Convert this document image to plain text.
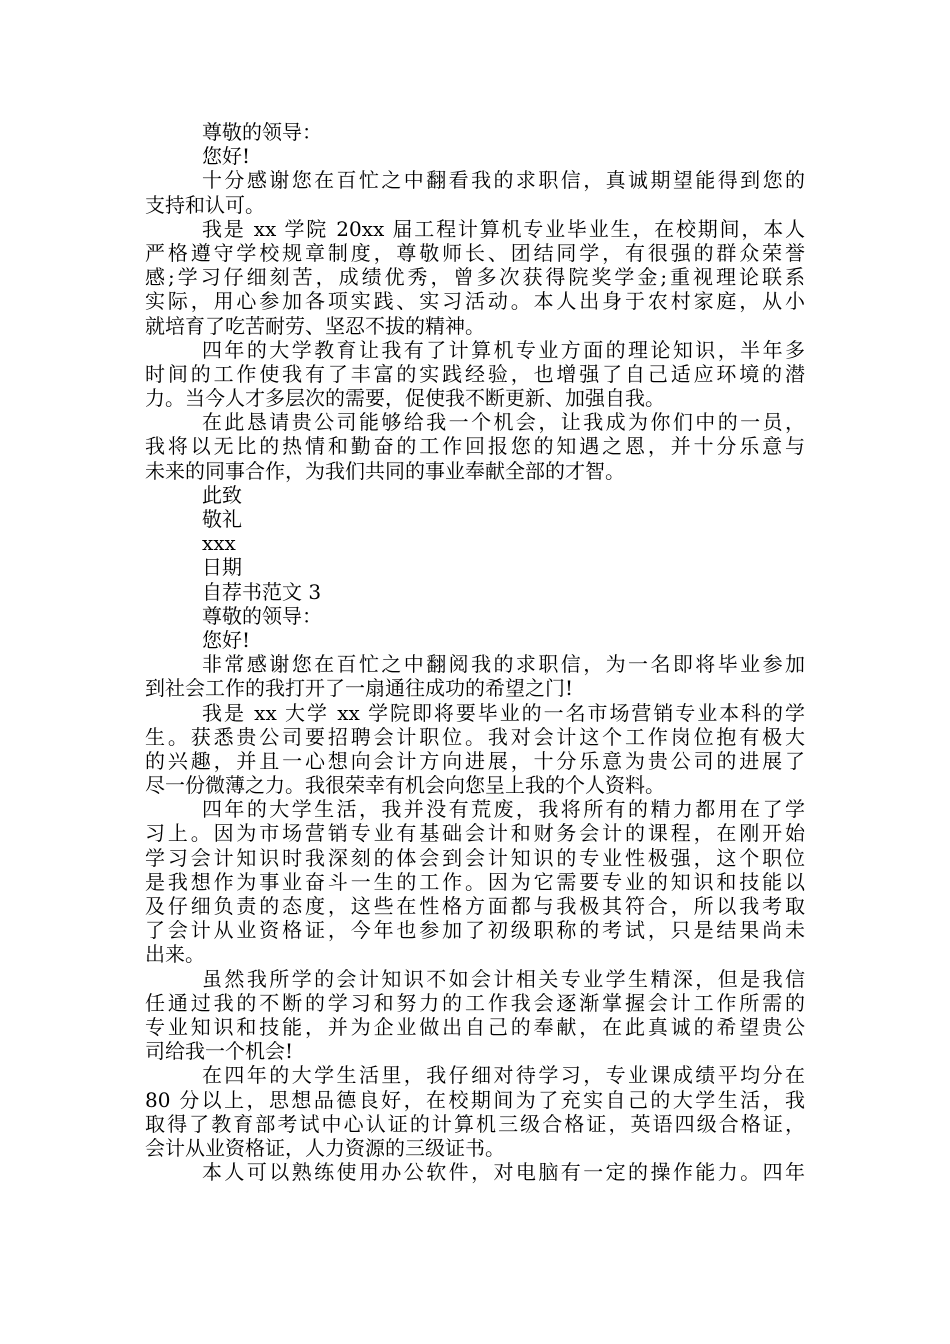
尊敬的领导：
您好!
十分感谢您在百忙之中翻看我的求职信，真诚期望能得到您的
支持和认可。
我是 xx 学院 20xx 届工程计算机专业毕业生，在校期间，本人
严格遵守学校规章制度，尊敬师长、团结同学，有很强的群众荣誉
感;学习仔细刻苦，成绩优秀，曾多次获得院奖学金;重视理论联系
实际，用心参加各项实践、实习活动。本人出身于农村家庭，从小
就培育了吃苦耐劳、坚忍不拔的精神。
四年的大学教育让我有了计算机专业方面的理论知识，半年多
时间的工作使我有了丰富的实践经验，也增强了自己适应环境的潜
力。当今人才多层次的需要，促使我不断更新、加强自我。
在此恳请贵公司能够给我一个机会，让我成为你们中的一员，
我将以无比的热情和勤奋的工作回报您的知遇之恩，并十分乐意与
未来的同事合作，为我们共同的事业奉献全部的才智。
此致
敬礼
xxx
日期
自荐书范文 3
尊敬的领导：
您好!
非常感谢您在百忙之中翻阅我的求职信，为一名即将毕业参加
到社会工作的我打开了一扇通往成功的希望之门!
我是 xx 大学 xx 学院即将要毕业的一名市场营销专业本科的学
生。获悉贵公司要招聘会计职位。我对会计这个工作岗位抱有极大
的兴趣，并且一心想向会计方向进展，十分乐意为贵公司的进展了
尽一份微薄之力。我很荣幸有机会向您呈上我的个人资料。
四年的大学生活，我并没有荒废，我将所有的精力都用在了学
习上。因为市场营销专业有基础会计和财务会计的课程，在刚开始
学习会计知识时我深刻的体会到会计知识的专业性极强，这个职位
是我想作为事业奋斗一生的工作。因为它需要专业的知识和技能以
及仔细负责的态度，这些在性格方面都与我极其符合，所以我考取
了会计从业资格证，今年也参加了初级职称的考试，只是结果尚未
出来。
虽然我所学的会计知识不如会计相关专业学生精深，但是我信
任通过我的不断的学习和努力的工作我会逐渐掌握会计工作所需的
专业知识和技能，并为企业做出自己的奉献，在此真诚的希望贵公
司给我一个机会!
在四年的大学生活里，我仔细对待学习，专业课成绩平均分在
80 分以上，思想品德良好，在校期间为了充实自己的大学生活，我
取得了教育部考试中心认证的计算机三级合格证，英语四级合格证，
会计从业资格证，人力资源的三级证书。
本人可以熟练使用办公软件，对电脑有一定的操作能力。四年
